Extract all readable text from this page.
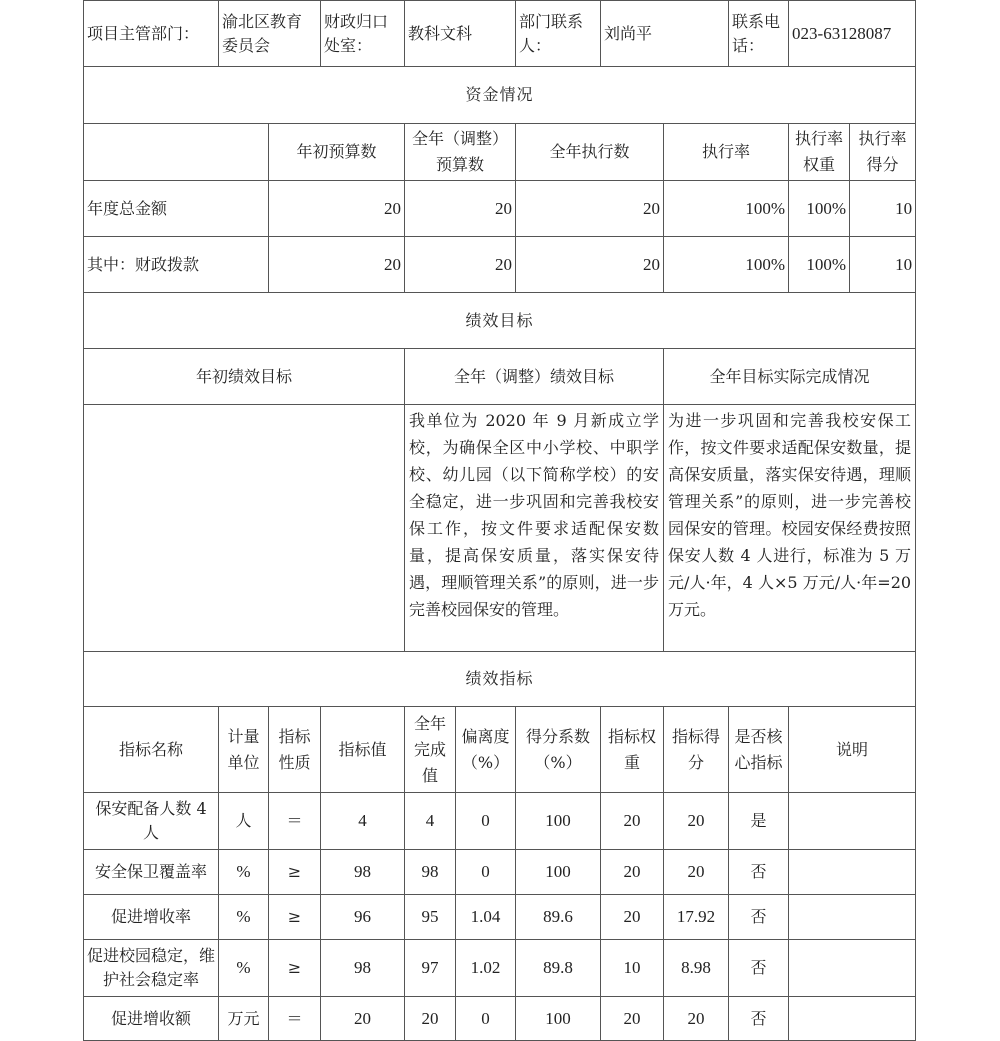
项目主管部门：	渝北区教育委员会		财政归口处室：	教科文科		部门联系人：	刘尚平		联系电话：	023-63128087	
资金情况											
		年初预算数		全年（调整）预算数		全年执行数		执行率		执行率权重	执行率得分
年度总金额		20		20		20		100%		100%	10
其中：财政拨款		20		20		20		100%		100%	10
绩效目标											
年初绩效目标				全年（调整）绩效目标				全年目标实际完成情况			
				我单位为 2020 年 9 月新成立学校，为确保全区中小学校、中职学校、幼儿园（以下简称学校）的安全稳定，进一步巩固和完善我校安保工作，按文件要求适配保安数量，提高保安质量，落实保安待遇，理顺管理关系”的原则，进一步完善校园保安的管理。				为进一步巩固和完善我校安保工作，按文件要求适配保安数量，提高保安质量，落实保安待遇，理顺管理关系”的原则，进一步完善校园保安的管理。校园安保经费按照保安人数 4 人进行，标准为 5 万元/人·年，4 人×5 万元/人·年=20 万元。			
绩效指标											
指标名称	计量单位	指标性质	指标值	全年完成值	偏离度（%）	得分系数（%）	指标权重	指标得分	是否核心指标	说明	
保安配备人数 4 人	人	＝	4	4	0	100	20	20	是		
安全保卫覆盖率	%	≥	98	98	0	100	20	20	否		
促进增收率	%	≥	96	95	1.04	89.6	20	17.92	否		
促进校园稳定，维护社会稳定率	%	≥	98	97	1.02	89.8	10	8.98	否		
促进增收额	万元	＝	20	20	0	100	20	20	否		
